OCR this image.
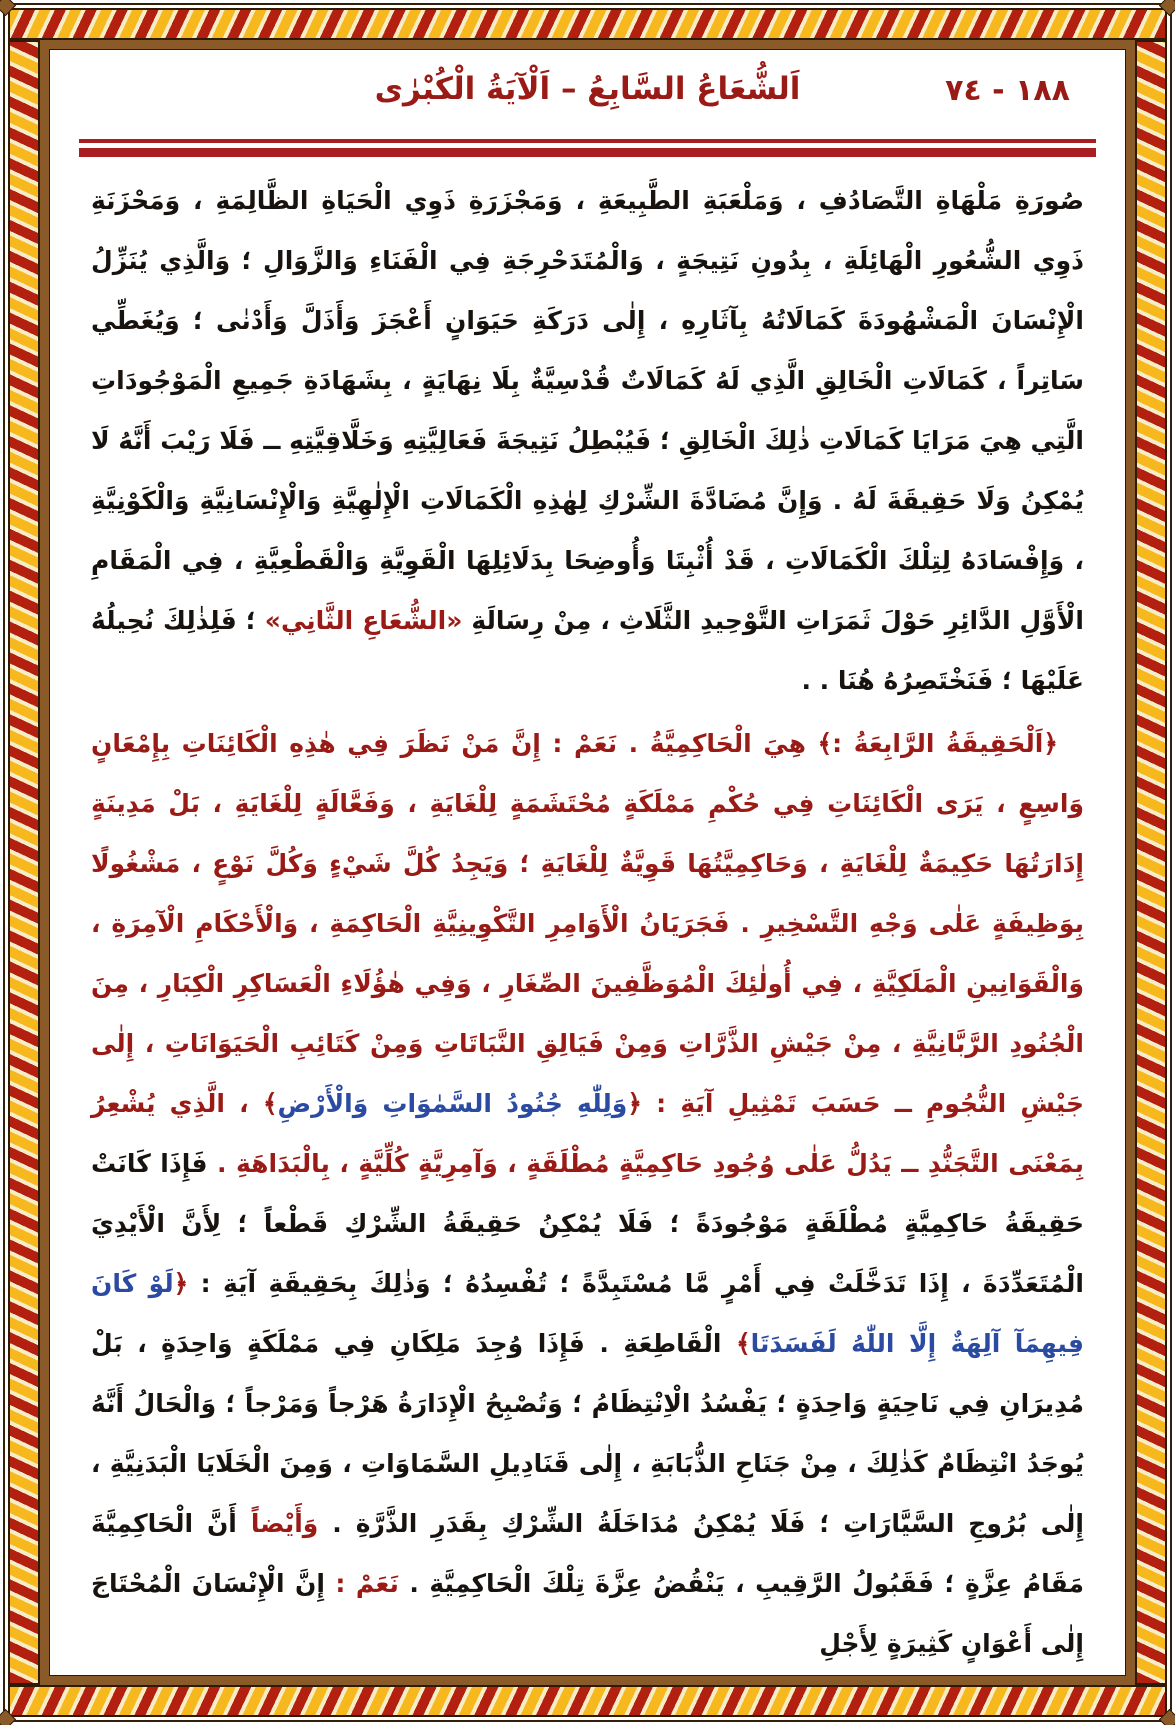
١٨٨ - ٧٤
اَلشُّعَاعُ السَّابِعُ – اَلْآيَةُ الْكُبْرٰى

صُورَةِ مَلْهَاةِ التَّصَادُفِ ، وَمَلْعَبَةِ الطَّبِيعَةِ ، وَمَجْزَرَةِ ذَوِي الْحَيَاةِ الظَّالِمَةِ ، وَمَحْزَنَةِ ذَوِي الشُّعُورِ الْهَائِلَةِ ، بِدُونِ نَتِيجَةٍ ، وَالْمُتَدَحْرِجَةِ فِي الْفَنَاءِ وَالزَّوَالِ ؛ وَالَّذِي يُنَزِّلُ الْإِنْسَانَ الْمَشْهُودَةَ كَمَالَاتُهُ بِآثَارِهِ ، إِلٰى دَرَكَةِ حَيَوَانٍ أَعْجَزَ وَأَذَلَّ وَأَدْنٰى ؛ وَيُغَطِّي سَاتِراً ، كَمَالَاتِ الْخَالِقِ الَّذِي لَهُ كَمَالَاتٌ قُدْسِيَّةٌ بِلَا نِهَايَةٍ ، بِشَهَادَةِ جَمِيعِ الْمَوْجُودَاتِ الَّتِي هِيَ مَرَايَا كَمَالَاتِ ذٰلِكَ الْخَالِقِ ؛ فَيُبْطِلُ نَتِيجَةَ فَعَالِيَّتِهِ وَخَلَّاقِيَّتِهِ ــ فَلَا رَيْبَ أَنَّهُ لَا يُمْكِنُ وَلَا حَقِيقَةَ لَهُ . وَإِنَّ مُضَادَّةَ الشِّرْكِ لِهٰذِهِ الْكَمَالَاتِ الْإِلٰهِيَّةِ وَالْإِنْسَانِيَّةِ وَالْكَوْنِيَّةِ ، وَإِفْسَادَهُ لِتِلْكَ الْكَمَالَاتِ ، قَدْ أُثْبِتَا وَأُوضِحَا بِدَلَائِلِهَا الْقَوِيَّةِ وَالْقَطْعِيَّةِ ، فِي الْمَقَامِ الْأَوَّلِ الدَّائِرِ حَوْلَ ثَمَرَاتِ التَّوْحِيدِ الثَّلَاثِ ، مِنْ رِسَالَةِ «الشُّعَاعِ الثَّانِي» ؛ فَلِذٰلِكَ نُحِيلُهُ عَلَيْهَا ؛ فَنَخْتَصِرُهُ هُنَا . .

﴿اَلْحَقِيقَةُ الرَّابِعَةُ :﴾ هِيَ الْحَاكِمِيَّةُ . نَعَمْ : إِنَّ مَنْ نَظَرَ فِي هٰذِهِ الْكَائِنَاتِ بِإِمْعَانٍ وَاسِعٍ ، يَرَى الْكَائِنَاتِ فِي حُكْمِ مَمْلَكَةٍ مُحْتَشَمَةٍ لِلْغَايَةِ ، وَفَعَّالَةٍ لِلْغَايَةِ ، بَلْ مَدِينَةٍ إِدَارَتُهَا حَكِيمَةٌ لِلْغَايَةِ ، وَحَاكِمِيَّتُهَا قَوِيَّةٌ لِلْغَايَةِ ؛ وَيَجِدُ كُلَّ شَيْءٍ وَكُلَّ نَوْعٍ ، مَشْغُولًا بِوَظِيفَةٍ عَلٰى وَجْهِ التَّسْخِيرِ . فَجَرَيَانُ الْأَوَامِرِ التَّكْوِينِيَّةِ الْحَاكِمَةِ ، وَالْأَحْكَامِ الْآمِرَةِ ، وَالْقَوَانِينِ الْمَلَكِيَّةِ ، فِي أُولٰئِكَ الْمُوَظَّفِينَ الصِّغَارِ ، وَفِي هٰؤُلَاءِ الْعَسَاكِرِ الْكِبَارِ ، مِنَ الْجُنُودِ الرَّبَّانِيَّةِ ، مِنْ جَيْشِ الذَّرَّاتِ وَمِنْ فَيَالِقِ النَّبَاتَاتِ وَمِنْ كَتَائِبِ الْحَيَوَانَاتِ ، إِلٰى جَيْشِ النُّجُومِ ــ حَسَبَ تَمْثِيلِ آيَةِ : ﴿وَلِلّٰهِ جُنُودُ السَّمٰوَاتِ وَالْأَرْضِ﴾ ، الَّذِي يُشْعِرُ بِمَعْنَى التَّجَنُّدِ ــ يَدُلُّ عَلٰى وُجُودِ حَاكِمِيَّةٍ مُطْلَقَةٍ ، وَآمِرِيَّةٍ كُلِّيَّةٍ ، بِالْبَدَاهَةِ . فَإِذَا كَانَتْ حَقِيقَةُ حَاكِمِيَّةٍ مُطْلَقَةٍ مَوْجُودَةً ؛ فَلَا يُمْكِنُ حَقِيقَةُ الشِّرْكِ قَطْعاً ؛ لِأَنَّ الْأَيْدِيَ الْمُتَعَدِّدَةَ ، إِذَا تَدَخَّلَتْ فِي أَمْرٍ مَّا مُسْتَبِدَّةً ؛ تُفْسِدُهُ ؛ وَذٰلِكَ بِحَقِيقَةِ آيَةِ : ﴿لَوْ كَانَ فِيهِمَآ آلِهَةٌ إِلَّا اللّٰهُ لَفَسَدَتَا﴾ الْقَاطِعَةِ . فَإِذَا وُجِدَ مَلِكَانِ فِي مَمْلَكَةٍ وَاحِدَةٍ ، بَلْ مُدِيرَانِ فِي نَاحِيَةٍ وَاحِدَةٍ ؛ يَفْسُدُ الْاِنْتِظَامُ ؛ وَتُصْبِحُ الْإِدَارَةُ هَرْجاً وَمَرْجاً ؛ وَالْحَالُ أَنَّهُ يُوجَدُ انْتِظَامٌ كَذٰلِكَ ، مِنْ جَنَاحِ الذُّبَابَةِ ، إِلٰى قَنَادِيلِ السَّمَاوَاتِ ، وَمِنَ الْخَلَايَا الْبَدَنِيَّةِ ، إِلٰى بُرُوجِ السَّيَّارَاتِ ؛ فَلَا يُمْكِنُ مُدَاخَلَةُ الشِّرْكِ بِقَدَرِ الذَّرَّةِ . وَأَيْضاً أَنَّ الْحَاكِمِيَّةَ مَقَامُ عِزَّةٍ ؛ فَقَبُولُ الرَّقِيبِ ، يَنْقُضُ عِزَّةَ تِلْكَ الْحَاكِمِيَّةِ . نَعَمْ : إِنَّ الْإِنْسَانَ الْمُحْتَاجَ إِلٰى أَعْوَانٍ كَثِيرَةٍ لِأَجْلِ
